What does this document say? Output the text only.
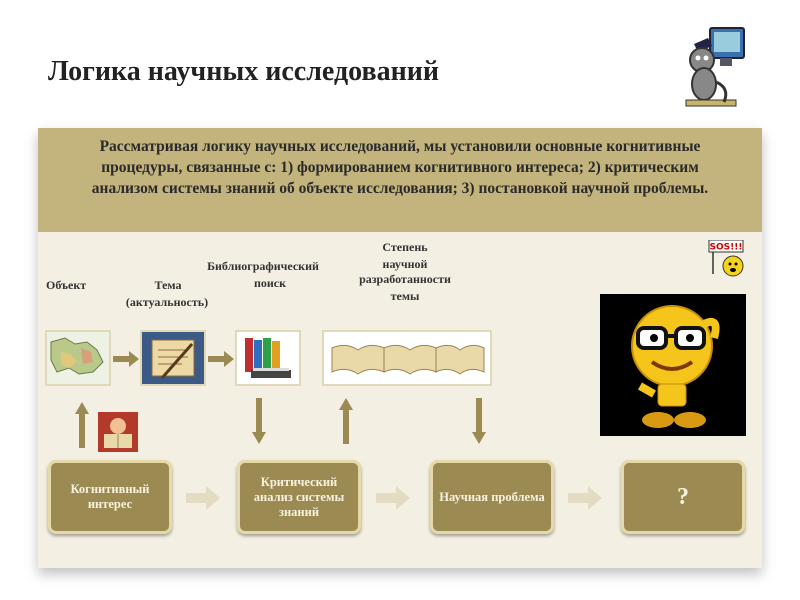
Логика научных исследований
Рассматривая логику научных исследований, мы установили основные когнитивные процедуры, связанные с: 1) формированием когнитивного интереса; 2) критическим анализом системы знаний об объекте исследования; 3) постановкой научной проблемы.
Объект	Тема
(актуальность)
Библиографический
поиск
Степень
научной
разработанности
темы
Когнитивный интерес
Критический анализ системы знаний
Научная проблема	?
SOS!!!
